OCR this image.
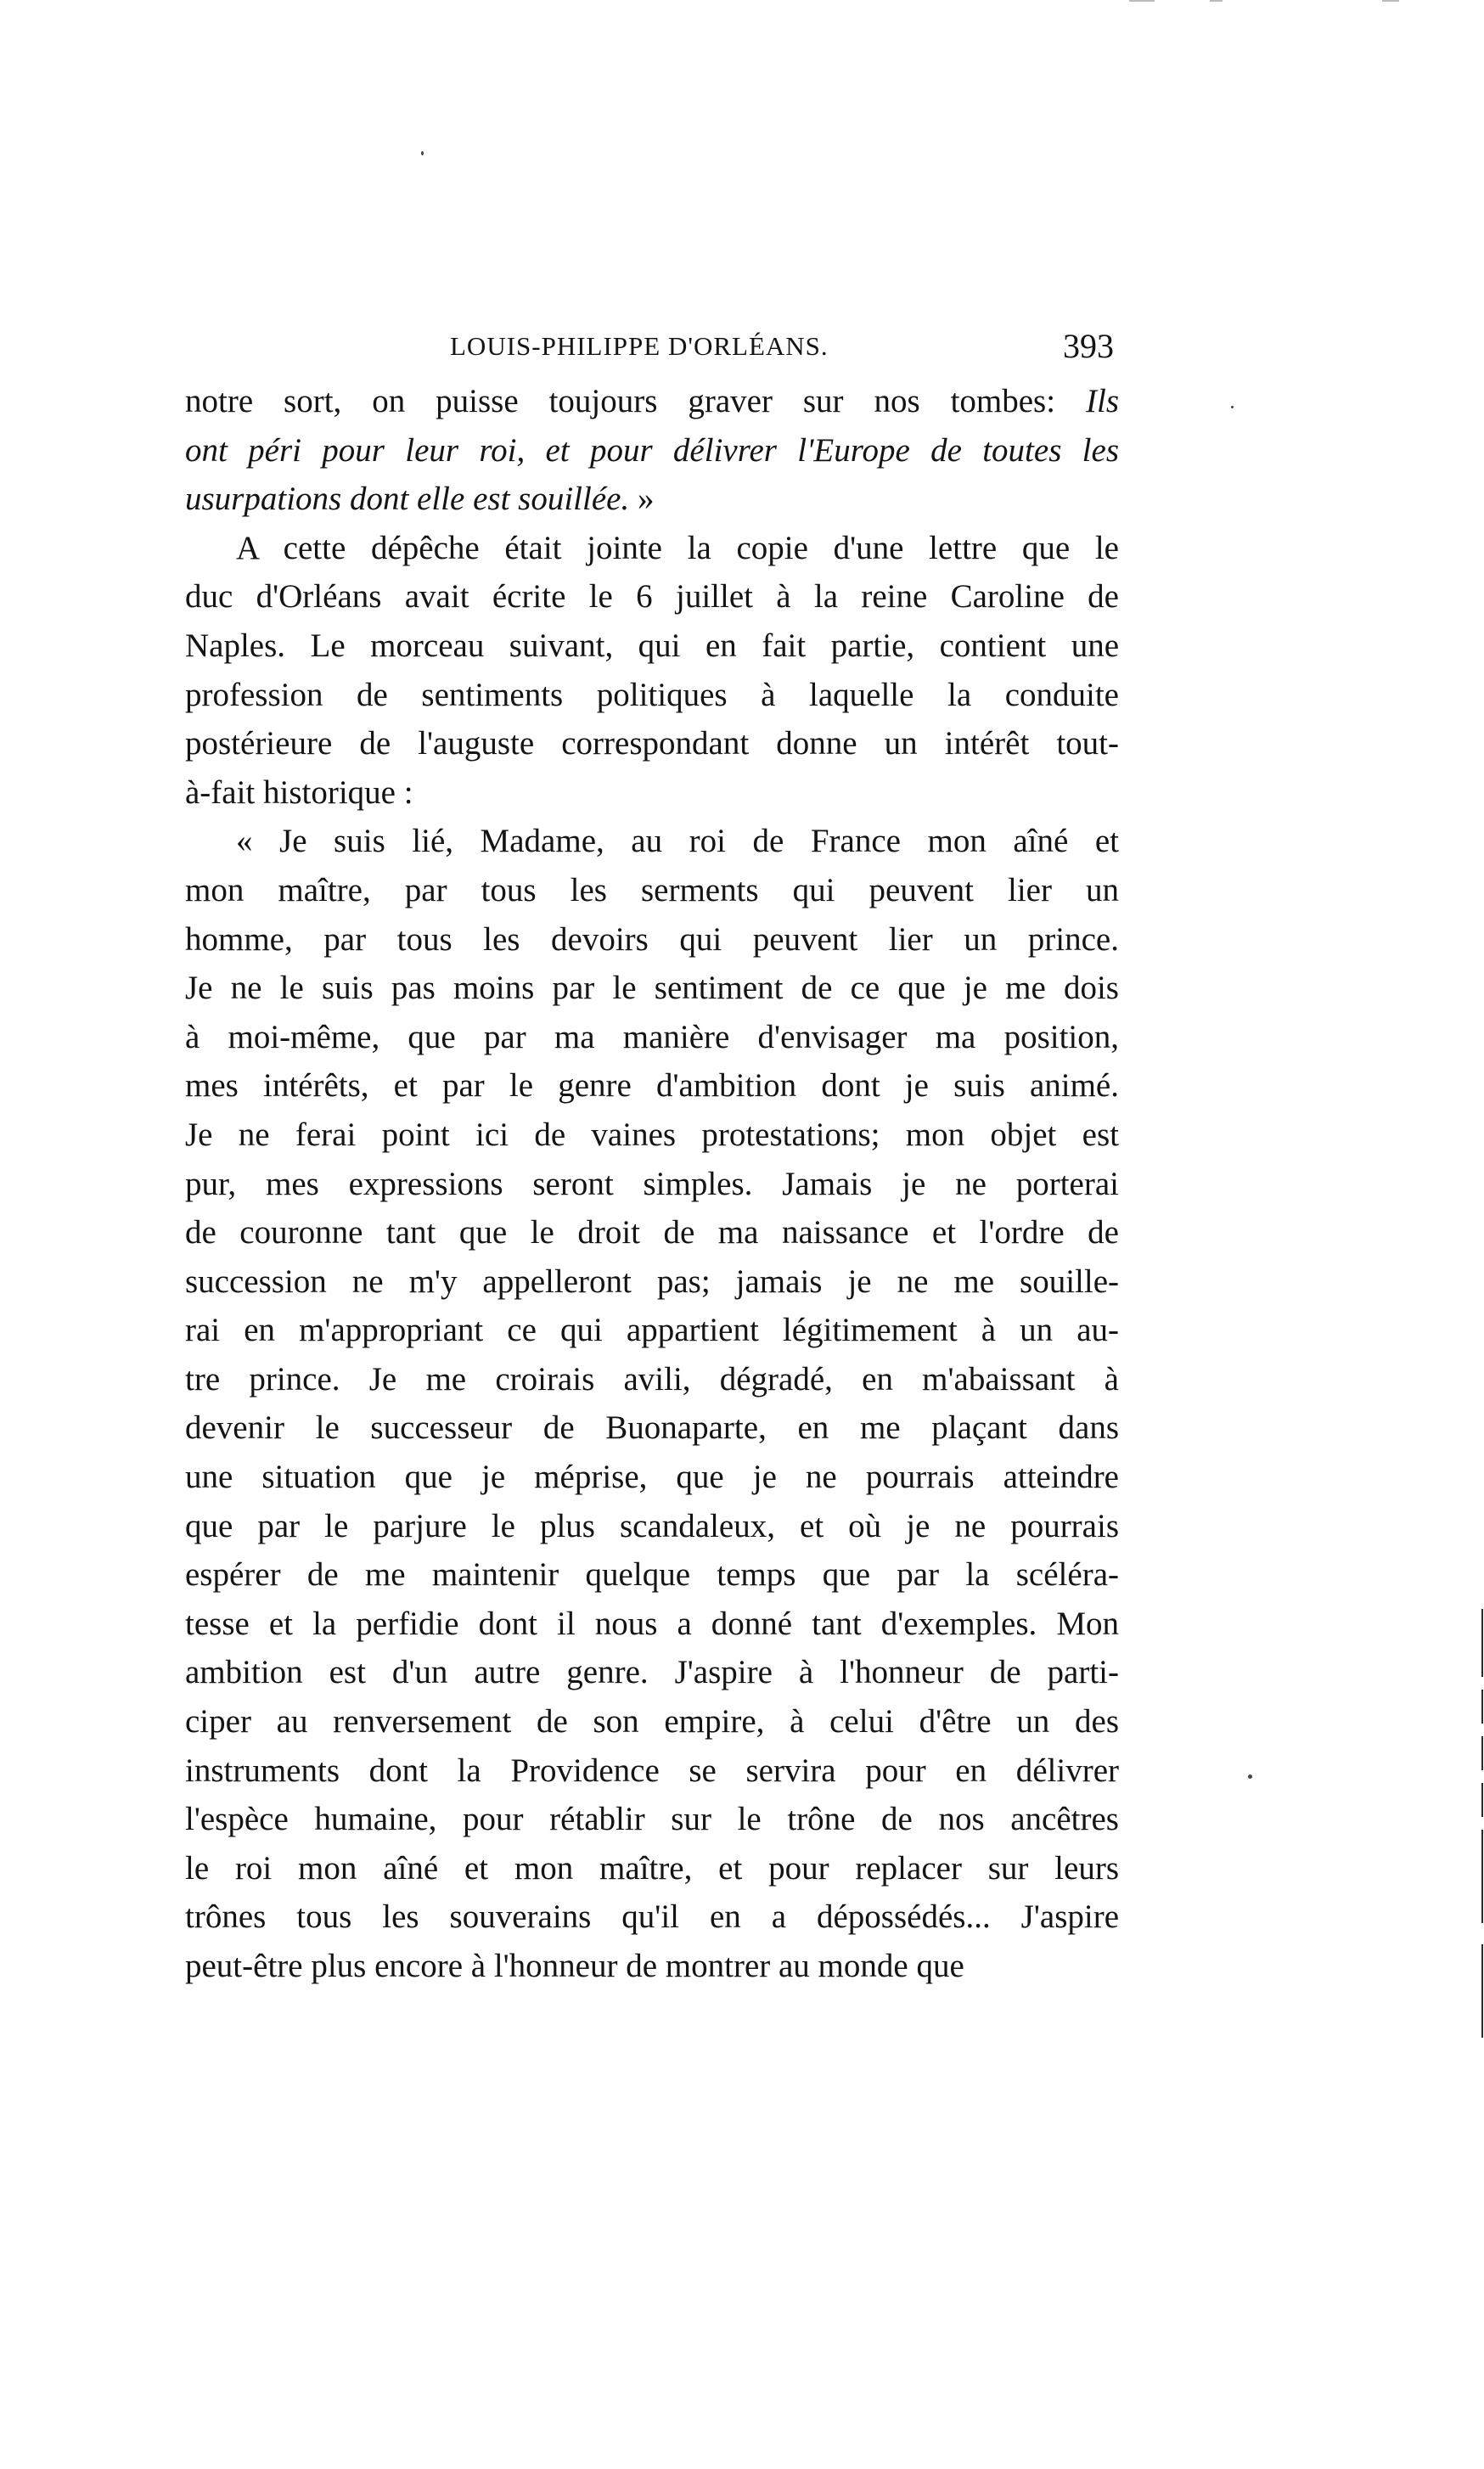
LOUIS-PHILIPPE D'ORLÉANS.	393
notre sort, on puisse toujours graver sur nos tombes: Ils
ont péri pour leur roi, et pour délivrer l'Europe de toutes les
usurpations dont elle est souillée. »
A cette dépêche était jointe la copie d'une lettre que le
duc d'Orléans avait écrite le 6 juillet à la reine Caroline de
Naples. Le morceau suivant, qui en fait partie, contient une
profession de sentiments politiques à laquelle la conduite
postérieure de l'auguste correspondant donne un intérêt tout-
à-fait historique :
« Je suis lié, Madame, au roi de France mon aîné et
mon maître, par tous les serments qui peuvent lier un
homme, par tous les devoirs qui peuvent lier un prince.
Je ne le suis pas moins par le sentiment de ce que je me dois
à moi-même, que par ma manière d'envisager ma position,
mes intérêts, et par le genre d'ambition dont je suis animé.
Je ne ferai point ici de vaines protestations; mon objet est
pur, mes expressions seront simples. Jamais je ne porterai
de couronne tant que le droit de ma naissance et l'ordre de
succession ne m'y appelleront pas; jamais je ne me souille-
rai en m'appropriant ce qui appartient légitimement à un au-
tre prince. Je me croirais avili, dégradé, en m'abaissant à
devenir le successeur de Buonaparte, en me plaçant dans
une situation que je méprise, que je ne pourrais atteindre
que par le parjure le plus scandaleux, et où je ne pourrais
espérer de me maintenir quelque temps que par la scéléra-
tesse et la perfidie dont il nous a donné tant d'exemples. Mon
ambition est d'un autre genre. J'aspire à l'honneur de parti-
ciper au renversement de son empire, à celui d'être un des
instruments dont la Providence se servira pour en délivrer
l'espèce humaine, pour rétablir sur le trône de nos ancêtres
le roi mon aîné et mon maître, et pour replacer sur leurs
trônes tous les souverains qu'il en a dépossédés... J'aspire
peut-être plus encore à l'honneur de montrer au monde que
